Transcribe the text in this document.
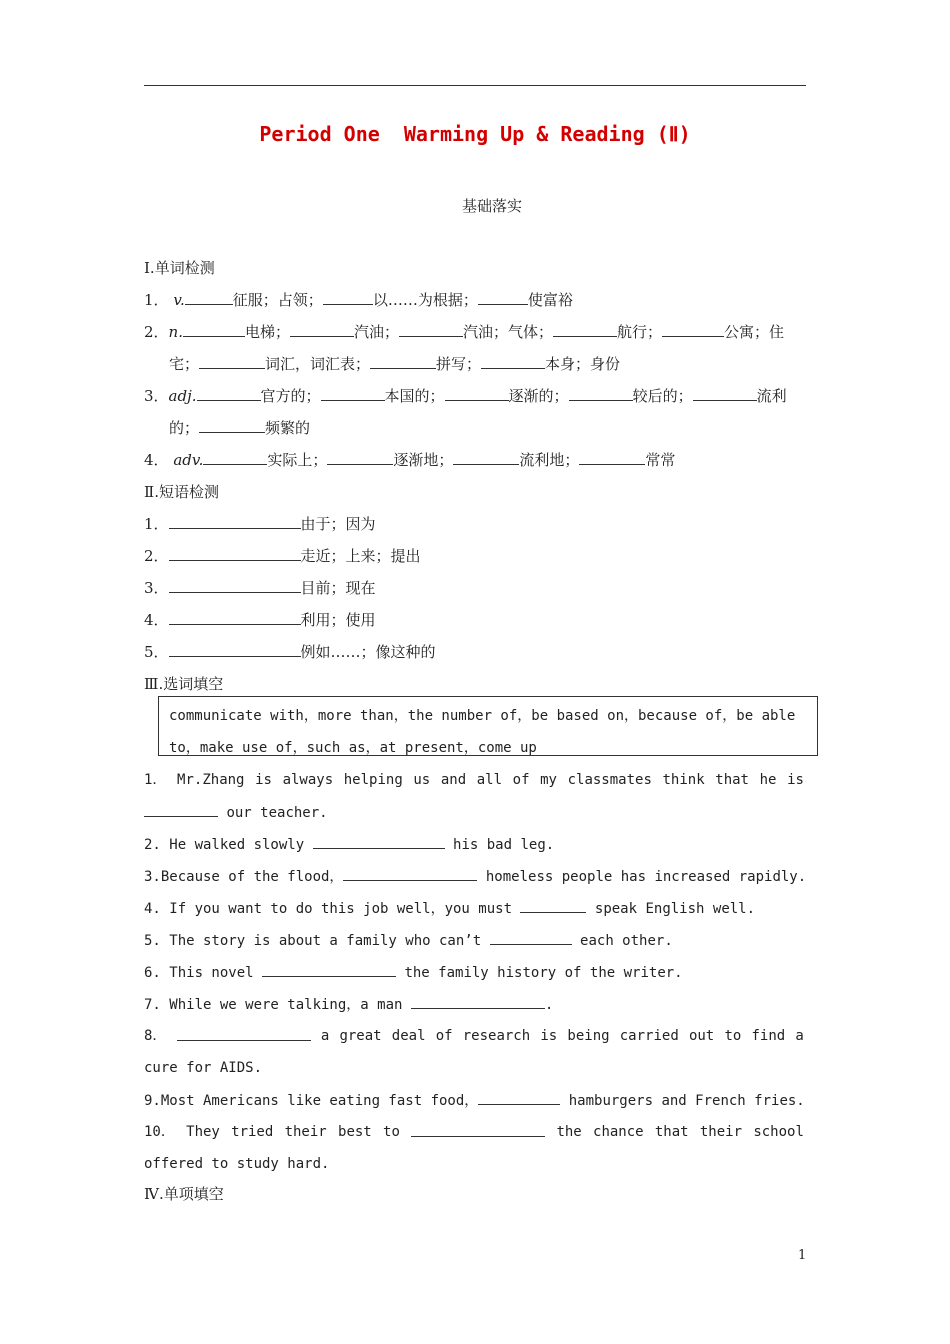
Period One  Warming Up & Reading (Ⅱ)
基础落实
Ⅰ.单词检测
1． v.	征服；占领；	以……为根据；	使富裕
2．n.	电梯；	汽油；	汽油；气体；	航行；	公寓；住
宅；	词汇，词汇表；	拼写；	本身；身份
3．adj.	官方的；	本国的；	逐渐的；	较后的；	流利
的；	频繁的
4． adv.	实际上；	逐渐地；	流利地；	常常
Ⅱ.短语检测
1．	由于；因为
2．	走近；上来；提出
3．	目前；现在
4．	利用；使用
5．	例如……；像这种的
Ⅲ.选词填空
communicate with，more than，the number of，be based on，because of，be able
to，make use of，such as，at present，come up
1． Mr.Zhang is always helping us and all of my classmates think that he is
our teacher.
2. He walked slowly	his bad leg.
3.Because of the flood，	homeless people has increased rapidly.
4. If you want to do this job well，you must	speak English well.
5. The story is about a family who can’t	each other.
6. This novel	the family history of the writer.
7. While we were talking，a man	.
8．	a great deal of research is being carried out to find a
cure for AIDS.
9.Most Americans like eating fast food，	hamburgers and French fries.
10． They tried their best to	the chance that their school
offered to study hard.
Ⅳ.单项填空
1
